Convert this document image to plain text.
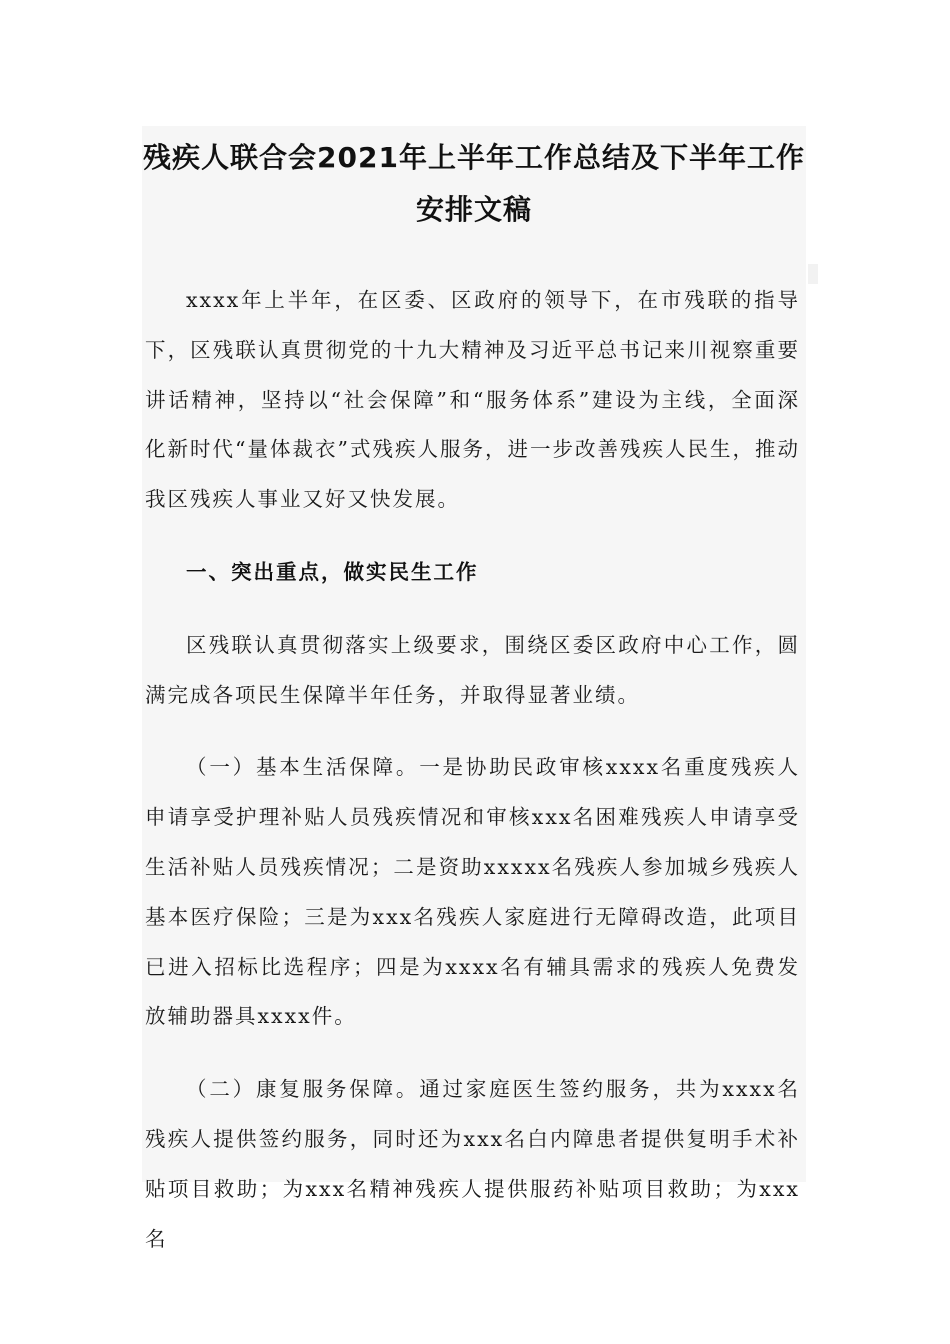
残疾人联合会2021年上半年工作总结及下半年工作安排文稿

xxxx年上半年，在区委、区政府的领导下，在市残联的指导下，区残联认真贯彻党的十九大精神及习近平总书记来川视察重要讲话精神，坚持以“社会保障”和“服务体系”建设为主线，全面深化新时代“量体裁衣”式残疾人服务，进一步改善残疾人民生，推动我区残疾人事业又好又快发展。

一、突出重点，做实民生工作

区残联认真贯彻落实上级要求，围绕区委区政府中心工作，圆满完成各项民生保障半年任务，并取得显著业绩。

（一）基本生活保障。一是协助民政审核xxxx名重度残疾人申请享受护理补贴人员残疾情况和审核xxx名困难残疾人申请享受生活补贴人员残疾情况；二是资助xxxxx名残疾人参加城乡残疾人基本医疗保险；三是为xxx名残疾人家庭进行无障碍改造，此项目已进入招标比选程序；四是为xxxx名有辅具需求的残疾人免费发放辅助器具xxxx件。

（二）康复服务保障。通过家庭医生签约服务，共为xxxx名残疾人提供签约服务，同时还为xxx名白内障患者提供复明手术补贴项目救助；为xxx名精神残疾人提供服药补贴项目救助；为xxx名
